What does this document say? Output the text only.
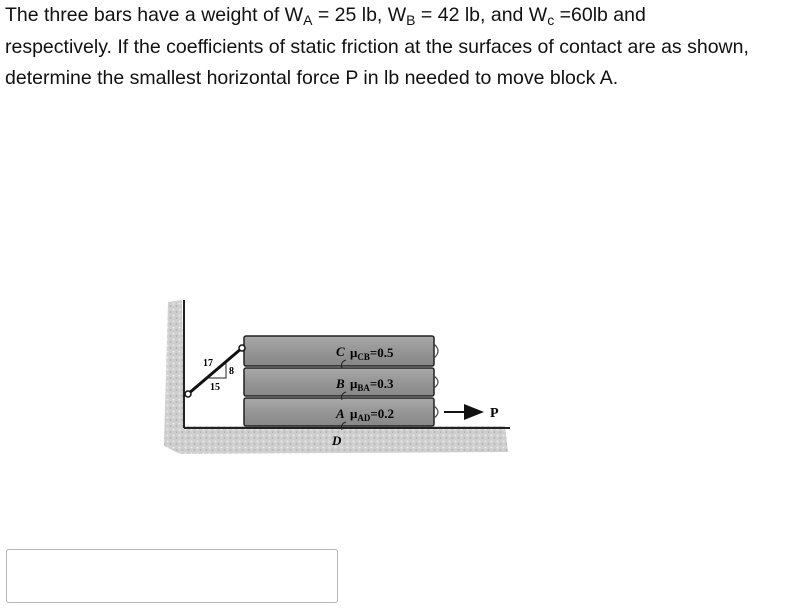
The three bars have a weight of $W_A = 25$ lb, $W_B = 42$ lb, and $W_c =60lb$ and
respectively. If the coefficients of static friction at the surfaces of contact are as shown,
determine the smallest horizontal force P in lb needed to move block A.
C $\mu_{CB}=0.5$
B $\mu_{BA}=0.3$
A $\mu_{AD}=0.2$
D
P
17
8
15
